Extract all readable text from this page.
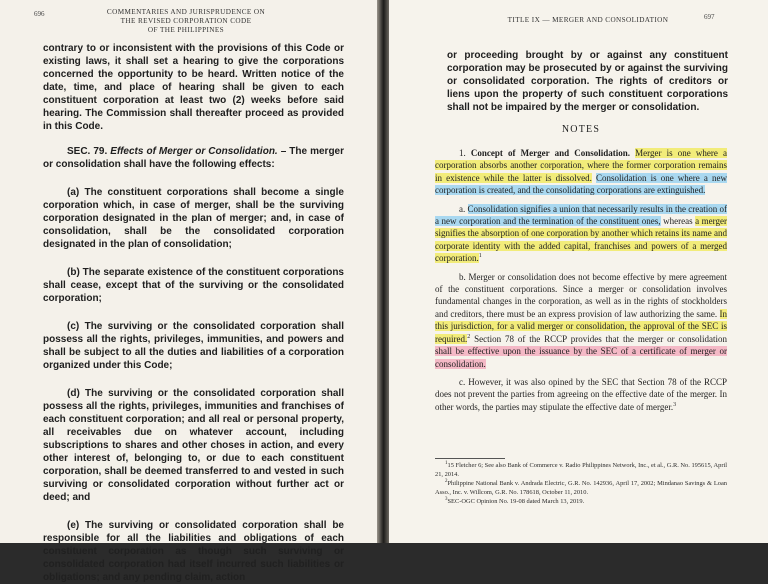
696	COMMENTARIES AND JURISPRUDENCE ON
THE REVISED CORPORATION CODE
OF THE PHILIPPINES

contrary to or inconsistent with the provisions of this Code or existing laws, it shall set a hearing to give the corporations concerned the opportunity to be heard. Written notice of the date, time, and place of hearing shall be given to each constituent corporation at least two (2) weeks before said hearing. The Commission shall thereafter proceed as provided in this Code.

SEC. 79. Effects of Merger or Consolidation. – The merger or consolidation shall have the following effects:

(a) The constituent corporations shall become a single corporation which, in case of merger, shall be the surviving corporation designated in the plan of merger; and, in case of consolidation, shall be the consolidated corporation designated in the plan of consolidation;

(b) The separate existence of the constituent corporations shall cease, except that of the surviving or the consolidated corporation;

(c) The surviving or the consolidated corporation shall possess all the rights, privileges, immunities, and powers and shall be subject to all the duties and liabilities of a corporation organized under this Code;

(d) The surviving or the consolidated corporation shall possess all the rights, privileges, immunities and franchises of each constituent corporation; and all real or personal property, all receivables due on whatever account, including subscriptions to shares and other choses in action, and every other interest of, belonging to, or due to each constituent corporation, shall be deemed transferred to and vested in such surviving or consolidated corporation without further act or deed; and

(e) The surviving or consolidated corporation shall be responsible for all the liabilities and obligations of each constituent corporation as though such surviving or consolidated corporation had itself incurred such liabilities or obligations; and any pending claim, action

TITLE IX — MERGER AND CONSOLIDATION	697

or proceeding brought by or against any constituent corporation may be prosecuted by or against the surviving or consolidated corporation. The rights of creditors or liens upon the property of such constituent corporations shall not be impaired by the merger or consolidation.

NOTES

1. Concept of Merger and Consolidation. Merger is one where a corporation absorbs another corporation, where the former corporation remains in existence while the latter is dissolved. Consolidation is one where a new corporation is created, and the consolidating corporations are extinguished.

a. Consolidation signifies a union that necessarily results in the creation of a new corporation and the termination of the constituent ones, whereas a merger signifies the absorption of one corporation by another which retains its name and corporate identity with the added capital, franchises and powers of a merged corporation.$^1$

b. Merger or consolidation does not become effective by mere agreement of the constituent corporations. Since a merger or consolidation involves fundamental changes in the corporation, as well as in the rights of stockholders and creditors, there must be an express provision of law authorizing the same. In this jurisdiction, for a valid merger or consolidation, the approval of the SEC is required.$^2$ Section 78 of the RCCP provides that the merger or consolidation shall be effective upon the issuance by the SEC of a certificate of merger or consolidation.

c. However, it was also opined by the SEC that Section 78 of the RCCP does not prevent the parties from agreeing on the effective date of the merger. In other words, the parties may stipulate the effective date of merger.$^3$

$^1$15 Fletcher 6; See also Bank of Commerce v. Radio Philippines Network, Inc., et al., G.R. No. 195615, April 21, 2014.

$^2$Philippine National Bank v. Andrada Electric, G.R. No. 142936, April 17, 2002; Mindanao Savings & Loan Asso., Inc. v. Willcom, G.R. No. 178618, October 11, 2010.

$^3$SEC-OGC Opinion No. 19-08 dated March 13, 2019.
